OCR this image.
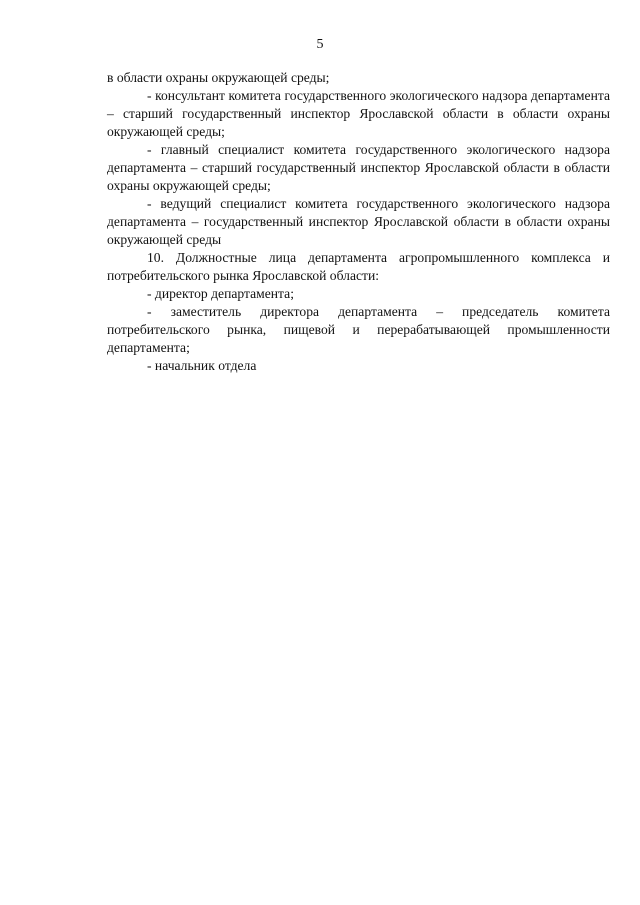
5

в области охраны окружающей среды;

- консультант комитета государственного экологического надзора департамента – старший государственный инспектор Ярославской области в области охраны окружающей среды;

- главный специалист комитета государственного экологического надзора департамента – старший государственный инспектор Ярославской области в области охраны окружающей среды;

- ведущий специалист комитета государственного экологического надзора департамента – государственный инспектор Ярославской области в области охраны окружающей среды

10. Должностные лица департамента агропромышленного комплекса и потребительского рынка Ярославской области:

- директор департамента;

- заместитель директора департамента – председатель комитета потребительского рынка, пищевой и перерабатывающей промышленности департамента;

- начальник отдела
